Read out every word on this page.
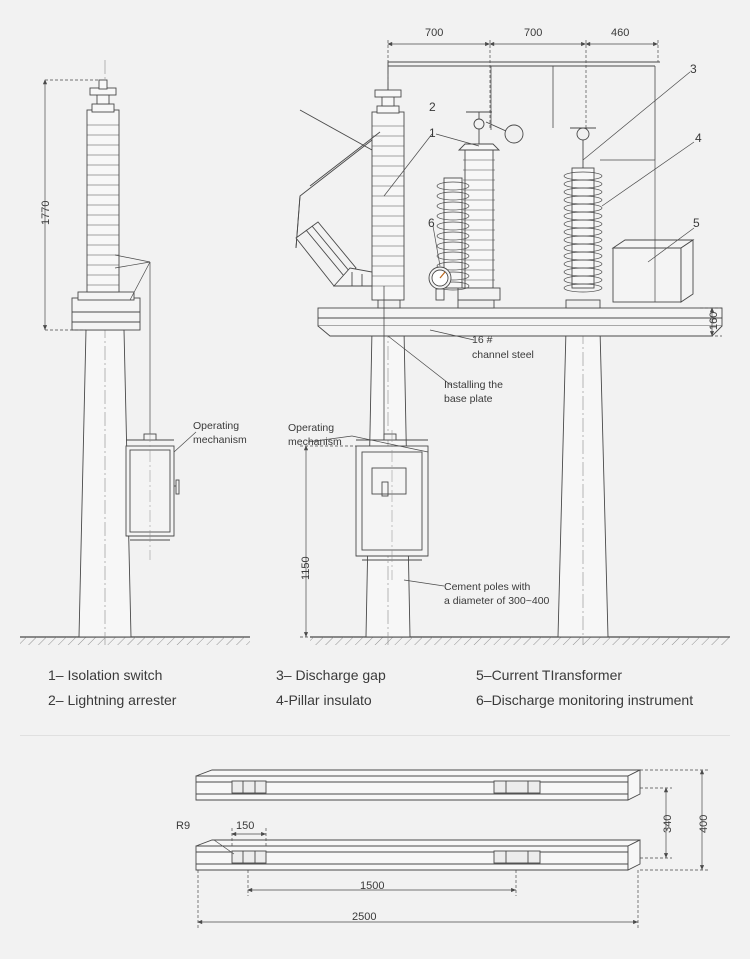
700	700	460
1770
160
1150
1
2
3
4
5
6
16 #
channel steel
Installing the
base plate
Operating
mechanism
Operating
mechanism
Cement poles with
a diameter of 300~400
1– Isolation switch
2– Lightning arrester
3– Discharge gap
4-Pillar insulato
5–Current TIransformer
6–Discharge monitoring instrument
R9	150	340 400
1500
2500
